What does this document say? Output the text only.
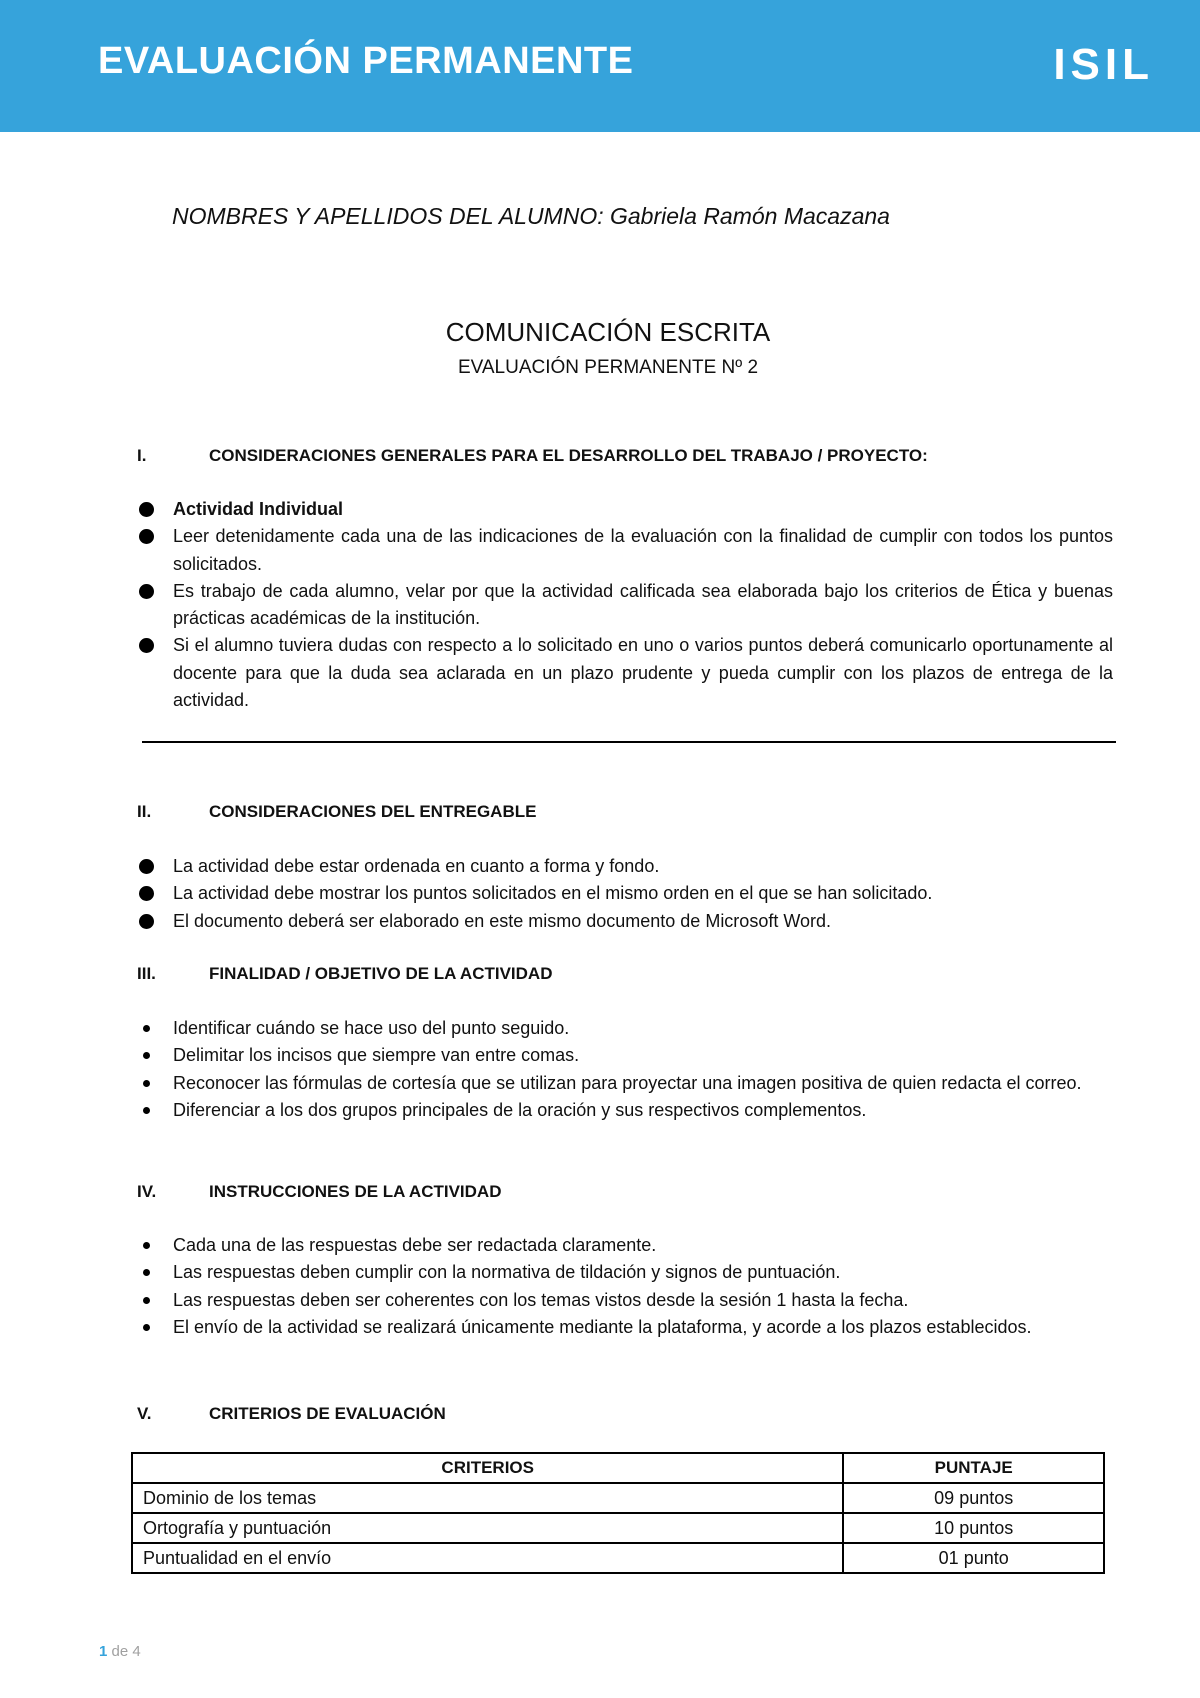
EVALUACIÓN PERMANENTE	ISIL
NOMBRES Y APELLIDOS DEL ALUMNO: Gabriela Ramón Macazana
COMUNICACIÓN ESCRITA
EVALUACIÓN PERMANENTE Nº 2
I.	CONSIDERACIONES GENERALES PARA EL DESARROLLO DEL TRABAJO / PROYECTO:
Actividad Individual
Leer detenidamente cada una de las indicaciones de la evaluación con la finalidad de cumplir con todos los puntos solicitados.
Es trabajo de cada alumno, velar por que la actividad calificada sea elaborada bajo los criterios de Ética y buenas prácticas académicas de la institución.
Si el alumno tuviera dudas con respecto a lo solicitado en uno o varios puntos deberá comunicarlo oportunamente al docente para que la duda sea aclarada en un plazo prudente y pueda cumplir con los plazos de entrega de la actividad.
II.	CONSIDERACIONES DEL ENTREGABLE
La actividad debe estar ordenada en cuanto a forma y fondo.
La actividad debe mostrar los puntos solicitados en el mismo orden en el que se han solicitado.
El documento deberá ser elaborado en este mismo documento de Microsoft Word.
III.	FINALIDAD / OBJETIVO DE LA ACTIVIDAD
Identificar cuándo se hace uso del punto seguido.
Delimitar los incisos que siempre van entre comas.
Reconocer las fórmulas de cortesía que se utilizan para proyectar una imagen positiva de quien redacta el correo.
Diferenciar a los dos grupos principales de la oración y sus respectivos complementos.
IV.	INSTRUCCIONES DE LA ACTIVIDAD
Cada una de las respuestas debe ser redactada claramente.
Las respuestas deben cumplir con la normativa de tildación y signos de puntuación.
Las respuestas deben ser coherentes con los temas vistos desde la sesión 1 hasta la fecha.
El envío de la actividad se realizará únicamente mediante la plataforma, y acorde a los plazos establecidos.
V.	CRITERIOS DE EVALUACIÓN
CRITERIOS	PUNTAJE
Dominio de los temas	09 puntos
Ortografía y puntuación	10 puntos
Puntualidad en el envío	01 punto
1 de 4
